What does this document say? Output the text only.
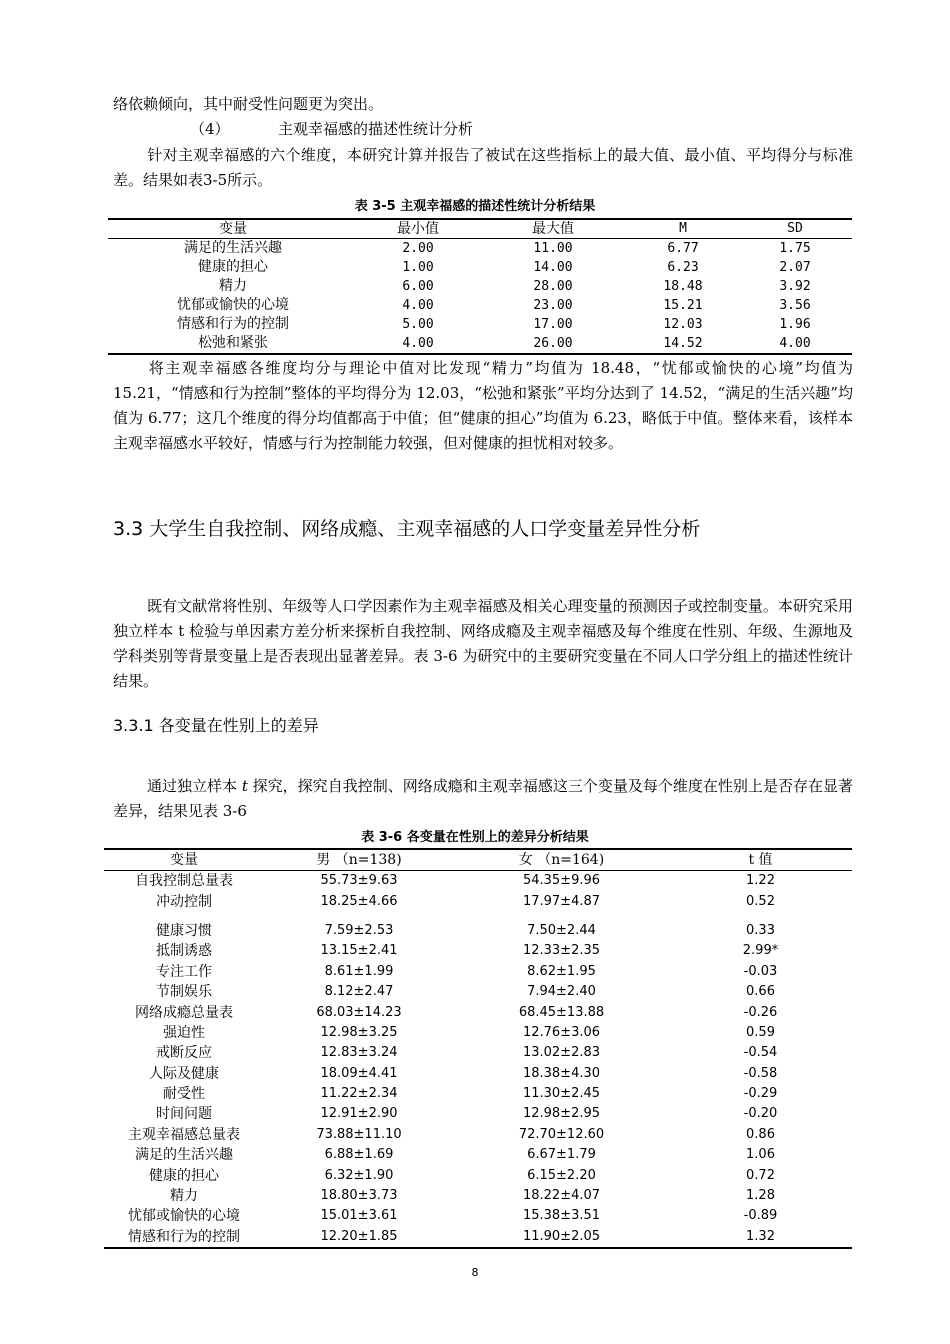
络依赖倾向，其中耐受性问题更为突出。
（4）	主观幸福感的描述性统计分析
针对主观幸福感的六个维度，本研究计算并报告了被试在这些指标上的最大值、最小值、平均得分与标准差。结果如表3-5所示。
表 3-5 主观幸福感的描述性统计分析结果
变量	最小值	最大值	M	SD
满足的生活兴趣	2.00	11.00	6.77	1.75
健康的担心	1.00	14.00	6.23	2.07
精力	6.00	28.00	18.48	3.92
忧郁或愉快的心境	4.00	23.00	15.21	3.56
情感和行为的控制	5.00	17.00	12.03	1.96
松弛和紧张	4.00	26.00	14.52	4.00
将主观幸福感各维度均分与理论中值对比发现“精力”均值为 18.48，“忧郁或愉快的心境”均值为 15.21，“情感和行为控制”整体的平均得分为 12.03，“松弛和紧张”平均分达到了 14.52，“满足的生活兴趣”均值为 6.77；这几个维度的得分均值都高于中值；但“健康的担心”均值为 6.23，略低于中值。整体来看，该样本主观幸福感水平较好，情感与行为控制能力较强，但对健康的担忧相对较多。
3.3 大学生自我控制、网络成瘾、主观幸福感的人口学变量差异性分析
既有文献常将性别、年级等人口学因素作为主观幸福感及相关心理变量的预测因子或控制变量。本研究采用独立样本 t 检验与单因素方差分析来探析自我控制、网络成瘾及主观幸福感及每个维度在性别、年级、生源地及学科类别等背景变量上是否表现出显著差异。表 3-6 为研究中的主要研究变量在不同人口学分组上的描述性统计结果。
3.3.1 各变量在性别上的差异
通过独立样本 t 探究，探究自我控制、网络成瘾和主观幸福感这三个变量及每个维度在性别上是否存在显著差异，结果见表 3-6
表 3-6 各变量在性别上的差异分析结果
变量	男 （n=138)	女 （n=164)	t 值
自我控制总量表	55.73±9.63	54.35±9.96	1.22
冲动控制	18.25±4.66	17.97±4.87	0.52
健康习惯	7.59±2.53	7.50±2.44	0.33
抵制诱惑	13.15±2.41	12.33±2.35	2.99*
专注工作	8.61±1.99	8.62±1.95	-0.03
节制娱乐	8.12±2.47	7.94±2.40	0.66
网络成瘾总量表	68.03±14.23	68.45±13.88	-0.26
强迫性	12.98±3.25	12.76±3.06	0.59
戒断反应	12.83±3.24	13.02±2.83	-0.54
人际及健康	18.09±4.41	18.38±4.30	-0.58
耐受性	11.22±2.34	11.30±2.45	-0.29
时间问题	12.91±2.90	12.98±2.95	-0.20
主观幸福感总量表	73.88±11.10	72.70±12.60	0.86
满足的生活兴趣	6.88±1.69	6.67±1.79	1.06
健康的担心	6.32±1.90	6.15±2.20	0.72
精力	18.80±3.73	18.22±4.07	1.28
忧郁或愉快的心境	15.01±3.61	15.38±3.51	-0.89
情感和行为的控制	12.20±1.85	11.90±2.05	1.32
8
